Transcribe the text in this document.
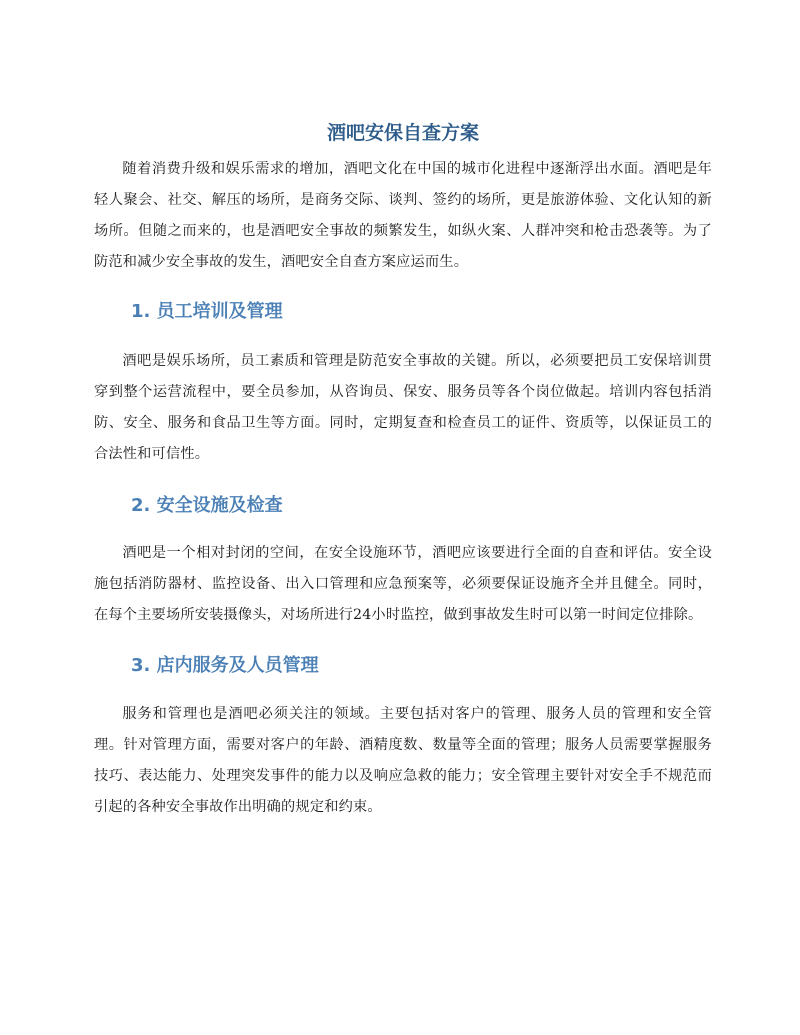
酒吧安保自查方案

随着消费升级和娱乐需求的增加，酒吧文化在中国的城市化进程中逐渐浮出水面。酒吧是年轻人聚会、社交、解压的场所，是商务交际、谈判、签约的场所，更是旅游体验、文化认知的新场所。但随之而来的，也是酒吧安全事故的频繁发生，如纵火案、人群冲突和枪击恐袭等。为了防范和减少安全事故的发生，酒吧安全自查方案应运而生。

1. 员工培训及管理

酒吧是娱乐场所，员工素质和管理是防范安全事故的关键。所以，必须要把员工安保培训贯穿到整个运营流程中，要全员参加，从咨询员、保安、服务员等各个岗位做起。培训内容包括消防、安全、服务和食品卫生等方面。同时，定期复查和检查员工的证件、资质等，以保证员工的合法性和可信性。

2. 安全设施及检查

酒吧是一个相对封闭的空间，在安全设施环节，酒吧应该要进行全面的自查和评估。安全设施包括消防器材、监控设备、出入口管理和应急预案等，必须要保证设施齐全并且健全。同时，在每个主要场所安装摄像头，对场所进行24小时监控，做到事故发生时可以第一时间定位排除。

3. 店内服务及人员管理

服务和管理也是酒吧必须关注的领域。主要包括对客户的管理、服务人员的管理和安全管理。针对管理方面，需要对客户的年龄、酒精度数、数量等全面的管理；服务人员需要掌握服务技巧、表达能力、处理突发事件的能力以及响应急救的能力；安全管理主要针对安全手不规范而引起的各种安全事故作出明确的规定和约束。
